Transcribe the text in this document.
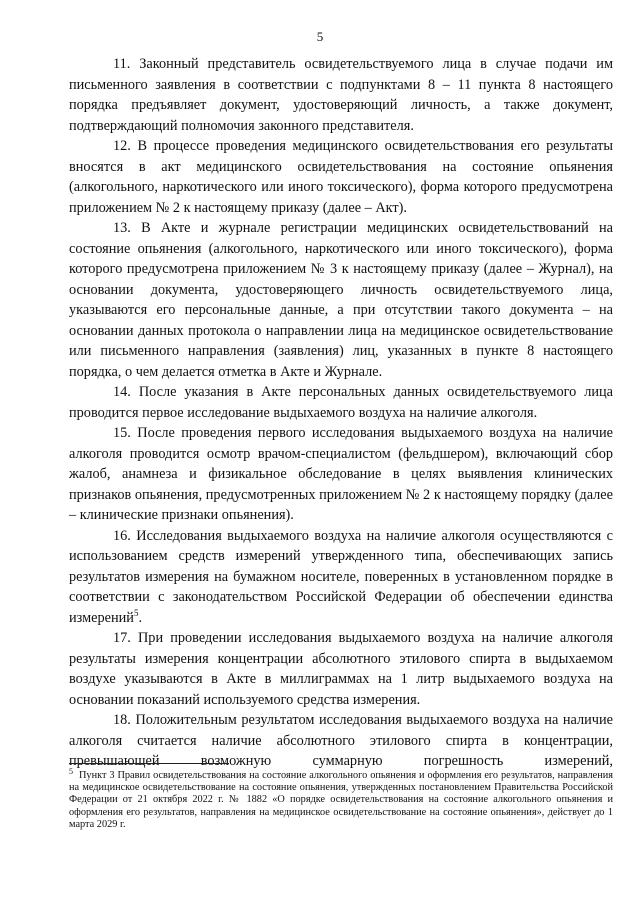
5

11. Законный представитель освидетельствуемого лица в случае подачи им письменного заявления в соответствии с подпунктами 8 – 11 пункта 8 настоящего порядка предъявляет документ, удостоверяющий личность, а также документ, подтверждающий полномочия законного представителя.

12. В процессе проведения медицинского освидетельствования его результаты вносятся в акт медицинского освидетельствования на состояние опьянения (алкогольного, наркотического или иного токсического), форма которого предусмотрена приложением № 2 к настоящему приказу (далее – Акт).

13. В Акте и журнале регистрации медицинских освидетельствований на состояние опьянения (алкогольного, наркотического или иного токсического), форма которого предусмотрена приложением № 3 к настоящему приказу (далее – Журнал), на основании документа, удостоверяющего личность освидетельствуемого лица, указываются его персональные данные, а при отсутствии такого документа – на основании данных протокола о направлении лица на медицинское освидетельствование или письменного направления (заявления) лиц, указанных в пункте 8 настоящего порядка, о чем делается отметка в Акте и Журнале.

14. После указания в Акте персональных данных освидетельствуемого лица проводится первое исследование выдыхаемого воздуха на наличие алкоголя.

15. После проведения первого исследования выдыхаемого воздуха на наличие алкоголя проводится осмотр врачом-специалистом (фельдшером), включающий сбор жалоб, анамнеза и физикальное обследование в целях выявления клинических признаков опьянения, предусмотренных приложением № 2 к настоящему порядку (далее – клинические признаки опьянения).

16. Исследования выдыхаемого воздуха на наличие алкоголя осуществляются с использованием средств измерений утвержденного типа, обеспечивающих запись результатов измерения на бумажном носителе, поверенных в установленном порядке в соответствии с законодательством Российской Федерации об обеспечении единства измерений$^5$.

17. При проведении исследования выдыхаемого воздуха на наличие алкоголя результаты измерения концентрации абсолютного этилового спирта в выдыхаемом воздухе указываются в Акте в миллиграммах на 1 литр выдыхаемого воздуха на основании показаний используемого средства измерения.

18. Положительным результатом исследования выдыхаемого воздуха на наличие алкоголя считается наличие абсолютного этилового спирта в концентрации, превышающей возможную суммарную погрешность измерений,

$^5$ Пункт 3 Правил освидетельствования на состояние алкогольного опьянения и оформления его результатов, направления на медицинское освидетельствование на состояние опьянения, утвержденных постановлением Правительства Российской Федерации от 21 октября 2022 г. № 1882 «О порядке освидетельствования на состояние алкогольного опьянения и оформления его результатов, направления на медицинское освидетельствование на состояние опьянения», действует до 1 марта 2029 г.
